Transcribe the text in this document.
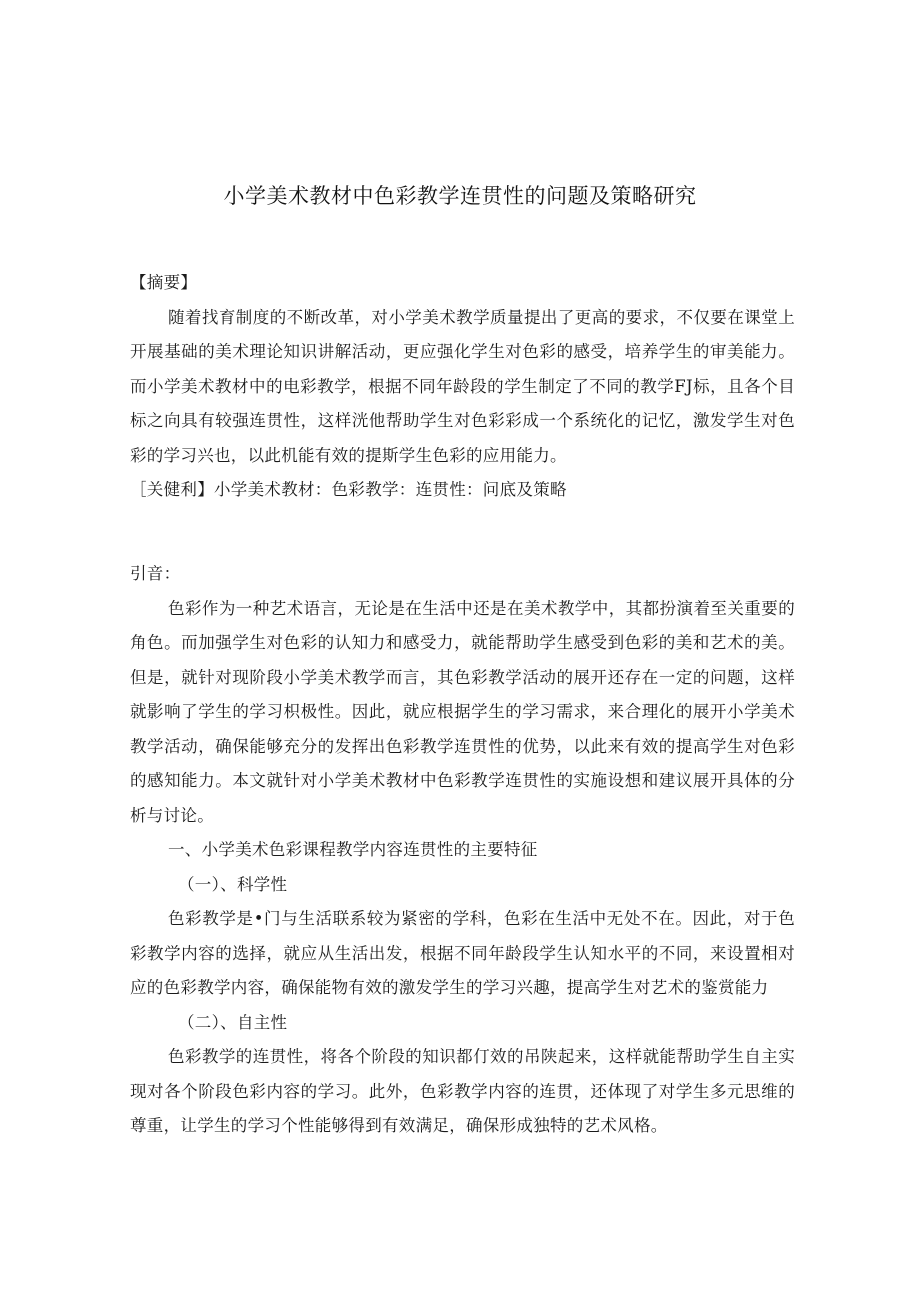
小学美术教材中色彩教学连贯性的问题及策略研究
【摘要】
随着找育制度的不断改革，对小学美术教学质量提出了更高的要求，不仅要在课堂上
开展基础的美术理论知识讲解活动，更应强化学生对色彩的感受，培养学生的审美能力。
而小学美术教材中的电彩教学，根据不同年龄段的学生制定了不同的教学FJ标，且各个目
标之向具有较强连贯性，这样洸他帮助学生对色彩彩成一个系统化的记忆，激发学生对色
彩的学习兴也，以此机能有效的提斯学生色彩的应用能力。
［关健利】小学美术教材：色彩教学：连贯性：问底及策略
引音：
色彩作为一种艺术语言，无论是在生活中还是在美术教学中，其都扮演着至关重要的
角色。而加强学生对色彩的认知力和感受力，就能帮助学生感受到色彩的美和艺术的美。
但是，就针对现阶段小学美术教学而言，其色彩教学活动的展开还存在一定的问题，这样
就影响了学生的学习枳极性。因此，就应根据学生的学习需求，来合理化的展开小学美术
教学活动，确保能够充分的发挥出色彩教学连贯性的优势，以此来有效的提高学生对色彩
的感知能力。本文就针对小学美术教材中色彩教学连贯性的实施设想和建议展开具体的分
析与讨论。
一、小学美术色彩课程教学内容连贯性的主要特征
（一）、科学性
色彩教学是•门与生活联系较为紧密的学科，色彩在生活中无处不在。因此，对于色
彩教学内容的选择，就应从生活出发，根据不同年龄段学生认知水平的不同，来设置相对
应的色彩教学内容，确保能物有效的激发学生的学习兴趣，提高学生对艺术的鉴赏能力
（二）、自主性
色彩教学的连贯性，将各个阶段的知识都仃效的吊陕起来，这样就能帮助学生自主实
现对各个阶段色彩内容的学习。此外，色彩教学内容的连贯，还体现了对学生多元思维的
尊重，让学生的学习个性能够得到有效满足，确保形成独特的艺术风格。
